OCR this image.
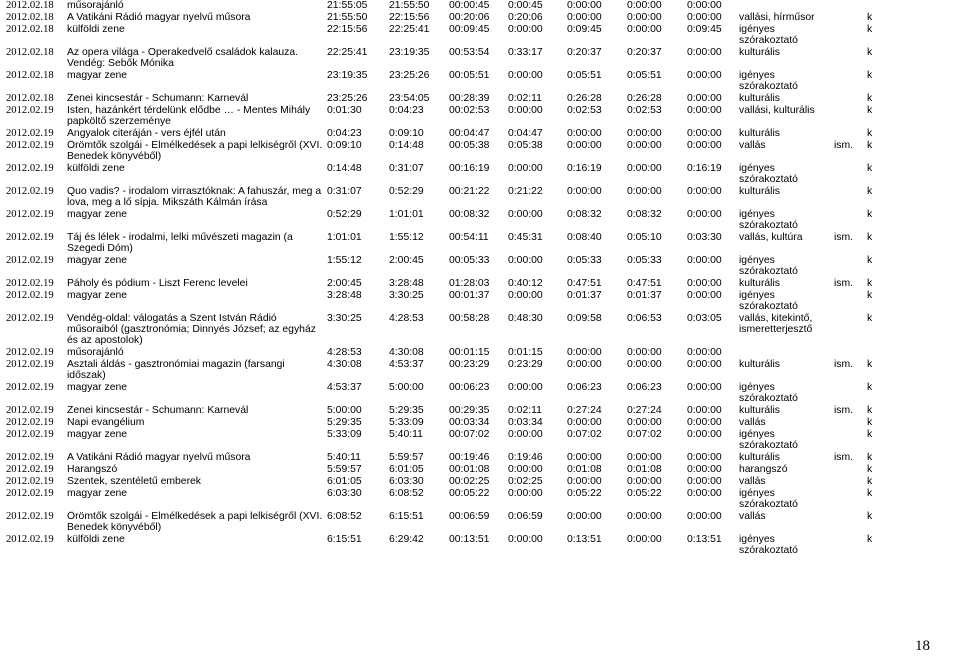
2012.02.18	műsorajánló	21:55:05	21:55:50	00:00:45	0:00:45	0:00:00	0:00:00	0:00:00			
2012.02.18	A Vatikáni Rádió magyar nyelvű műsora	21:55:50	22:15:56	00:20:06	0:20:06	0:00:00	0:00:00	0:00:00	vallási, hírműsor		k
2012.02.18	külföldi zene	22:15:56	22:25:41	00:09:45	0:00:00	0:09:45	0:00:00	0:09:45	igényes szórakoztató		k
2012.02.18	Az opera világa - Operakedvelő családok kalauza. Vendég: Sebők Mónika	22:25:41	23:19:35	00:53:54	0:33:17	0:20:37	0:20:37	0:00:00	kulturális		k
2012.02.18	magyar zene	23:19:35	23:25:26	00:05:51	0:00:00	0:05:51	0:05:51	0:00:00	igényes szórakoztató		k
2012.02.18	Zenei kincsestár - Schumann: Karnevál	23:25:26	23:54:05	00:28:39	0:02:11	0:26:28	0:26:28	0:00:00	kulturális		k
2012.02.19	Isten, hazánkért térdelünk elődbe … - Mentes Mihály papköltő szerzeménye	0:01:30	0:04:23	00:02:53	0:00:00	0:02:53	0:02:53	0:00:00	vallási, kulturális		k
2012.02.19	Angyalok citeráján - vers éjfél után	0:04:23	0:09:10	00:04:47	0:04:47	0:00:00	0:00:00	0:00:00	kulturális		k
2012.02.19	Örömtők szolgái - Elmélkedések a papi lelkiségről (XVI. Benedek könyvéből)	0:09:10	0:14:48	00:05:38	0:05:38	0:00:00	0:00:00	0:00:00	vallás	ism.	k
2012.02.19	külföldi zene	0:14:48	0:31:07	00:16:19	0:00:00	0:16:19	0:00:00	0:16:19	igényes szórakoztató		k
2012.02.19	Quo vadis? - irodalom virrasztóknak: A fahuszár, meg a lova, meg a lő sípja. Mikszáth Kálmán írása	0:31:07	0:52:29	00:21:22	0:21:22	0:00:00	0:00:00	0:00:00	kulturális		k
2012.02.19	magyar zene	0:52:29	1:01:01	00:08:32	0:00:00	0:08:32	0:08:32	0:00:00	igényes szórakoztató		k
2012.02.19	Táj és lélek - irodalmi, lelki művészeti magazin (a Szegedi Dóm)	1:01:01	1:55:12	00:54:11	0:45:31	0:08:40	0:05:10	0:03:30	vallás, kultúra	ism.	k
2012.02.19	magyar zene	1:55:12	2:00:45	00:05:33	0:00:00	0:05:33	0:05:33	0:00:00	igényes szórakoztató		k
2012.02.19	Páholy és pódium - Liszt Ferenc levelei	2:00:45	3:28:48	01:28:03	0:40:12	0:47:51	0:47:51	0:00:00	kulturális	ism.	k
2012.02.19	magyar zene	3:28:48	3:30:25	00:01:37	0:00:00	0:01:37	0:01:37	0:00:00	igényes szórakoztató		k
2012.02.19	Vendég-oldal: válogatás a Szent István Rádió műsoraiból (gasztronómia; Dinnyés József; az egyház és az apostolok)	3:30:25	4:28:53	00:58:28	0:48:30	0:09:58	0:06:53	0:03:05	vallás, kitekintő, ismeretterjesztő		k
2012.02.19	műsorajánló	4:28:53	4:30:08	00:01:15	0:01:15	0:00:00	0:00:00	0:00:00			
2012.02.19	Asztali áldás - gasztronómiai magazin (farsangi időszak)	4:30:08	4:53:37	00:23:29	0:23:29	0:00:00	0:00:00	0:00:00	kulturális	ism.	k
2012.02.19	magyar zene	4:53:37	5:00:00	00:06:23	0:00:00	0:06:23	0:06:23	0:00:00	igényes szórakoztató		k
2012.02.19	Zenei kincsestár - Schumann: Karnevál	5:00:00	5:29:35	00:29:35	0:02:11	0:27:24	0:27:24	0:00:00	kulturális	ism.	k
2012.02.19	Napi evangélium	5:29:35	5:33:09	00:03:34	0:03:34	0:00:00	0:00:00	0:00:00	vallás		k
2012.02.19	magyar zene	5:33:09	5:40:11	00:07:02	0:00:00	0:07:02	0:07:02	0:00:00	igényes szórakoztató		k
2012.02.19	A Vatikáni Rádió magyar nyelvű műsora	5:40:11	5:59:57	00:19:46	0:19:46	0:00:00	0:00:00	0:00:00	kulturális	ism.	k
2012.02.19	Harangszó	5:59:57	6:01:05	00:01:08	0:00:00	0:01:08	0:01:08	0:00:00	harangszó		k
2012.02.19	Szentek, szentéletű emberek	6:01:05	6:03:30	00:02:25	0:02:25	0:00:00	0:00:00	0:00:00	vallás		k
2012.02.19	magyar zene	6:03:30	6:08:52	00:05:22	0:00:00	0:05:22	0:05:22	0:00:00	igényes szórakoztató		k
2012.02.19	Örömtők szolgái - Elmélkedések a papi lelkiségről (XVI. Benedek könyvéből)	6:08:52	6:15:51	00:06:59	0:06:59	0:00:00	0:00:00	0:00:00	vallás		k
2012.02.19	külföldi zene	6:15:51	6:29:42	00:13:51	0:00:00	0:13:51	0:00:00	0:13:51	igényes szórakoztató		k
18
